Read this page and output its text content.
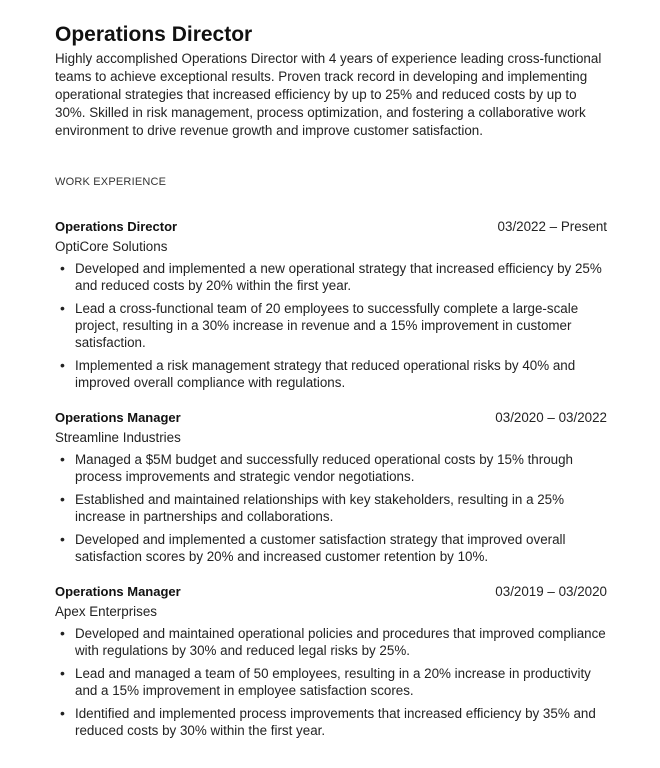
Operations Director

Highly accomplished Operations Director with 4 years of experience leading cross-functional teams to achieve exceptional results. Proven track record in developing and implementing operational strategies that increased efficiency by up to 25% and reduced costs by up to 30%. Skilled in risk management, process optimization, and fostering a collaborative work environment to drive revenue growth and improve customer satisfaction.

WORK EXPERIENCE
Operations Director	03/2022 – Present
OptiCore Solutions
• Developed and implemented a new operational strategy that increased efficiency by 25% and reduced costs by 20% within the first year.
• Lead a cross-functional team of 20 employees to successfully complete a large-scale project, resulting in a 30% increase in revenue and a 15% improvement in customer satisfaction.
• Implemented a risk management strategy that reduced operational risks by 40% and improved overall compliance with regulations.
Operations Manager	03/2020 – 03/2022
Streamline Industries
• Managed a $5M budget and successfully reduced operational costs by 15% through process improvements and strategic vendor negotiations.
• Established and maintained relationships with key stakeholders, resulting in a 25% increase in partnerships and collaborations.
• Developed and implemented a customer satisfaction strategy that improved overall satisfaction scores by 20% and increased customer retention by 10%.
Operations Manager	03/2019 – 03/2020
Apex Enterprises
• Developed and maintained operational policies and procedures that improved compliance with regulations by 30% and reduced legal risks by 25%.
• Lead and managed a team of 50 employees, resulting in a 20% increase in productivity and a 15% improvement in employee satisfaction scores.
• Identified and implemented process improvements that increased efficiency by 35% and reduced costs by 30% within the first year.
